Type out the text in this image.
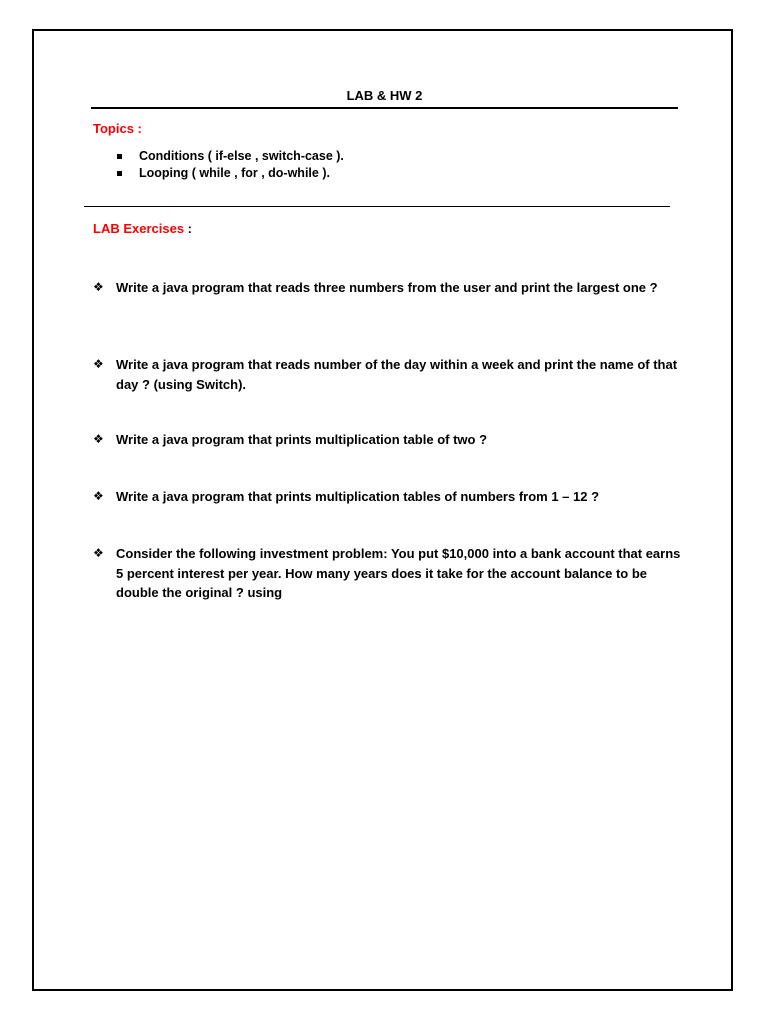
LAB & HW 2
Topics :
Conditions ( if-else , switch-case ).
Looping ( while , for , do-while ).
LAB Exercises :
❖ Write a java program that reads three numbers from the user and print the largest one ?
❖ Write a java program that reads number of the day within a week and print the name of that day ? (using Switch).
❖ Write a java program that prints multiplication table of two ?
❖ Write a java program that prints multiplication tables of numbers from 1 – 12 ?
❖ Consider the following investment problem: You put $10,000 into a bank account that earns 5 percent interest per year. How many years does it take for the account balance to be double the original ? using
